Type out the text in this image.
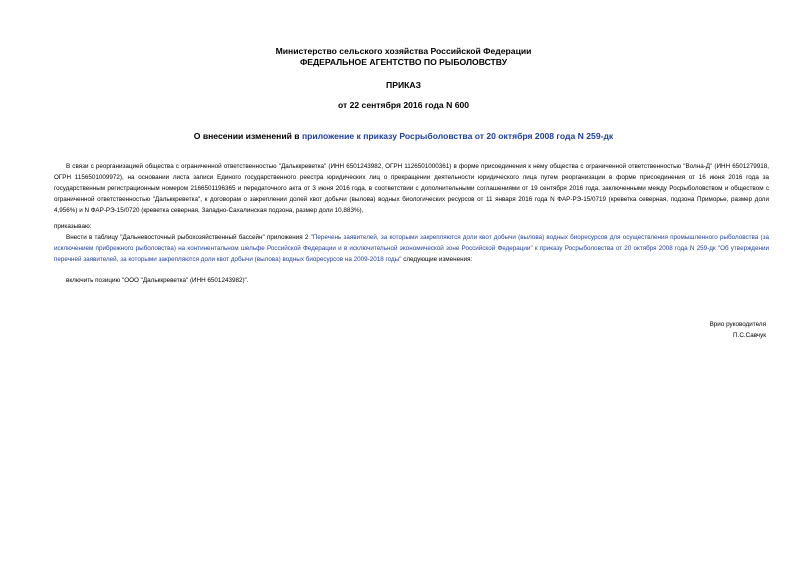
Министерство сельского хозяйства Российской Федерации
ФЕДЕРАЛЬНОЕ АГЕНТСТВО ПО РЫБОЛОВСТВУ
ПРИКАЗ
от 22 сентября 2016 года N 600
О внесении изменений в приложение к приказу Росрыболовства от 20 октября 2008 года N 259-дк
В связи с реорганизацией общества с ограниченной ответственностью "Дальккреветка" (ИНН 6501243982, ОГРН 1126501000361) в форме присоединения к нему общества с ограниченной ответственностью "Волна-Д" (ИНН 6501279918, ОГРН 1156501009972), на основании листа записи Единого государственного реестра юридических лиц о прекращении деятельности юридического лица путем реорганизации в форме присоединения от 16 июня 2016 года за государственным регистрационным номером 2166501196365 и передаточного акта от 3 июня 2016 года, в соответствии с дополнительными соглашениями от 19 сентября 2016 года, заключенными между Росрыболовством и обществом с ограниченной ответственностью "Дальккреветка", к договорам о закреплении долей квот добычи (вылова) водных биологических ресурсов от 11 января 2016 года N ФАР-РЭ-15/0719 (креветка северная, подзона Приморье, размер доли 4,956%) и N ФАР-РЭ-15/0720 (креветка северная, Западно-Сахалинская подзона, размер доли 10,883%),
приказываю:
Внести в таблицу "Дальневосточный рыбохозяйственный бассейн" приложения 2 "Перечень заявителей, за которыми закрепляются доли квот добычи (вылова) водных биоресурсов для осуществления промышленного рыболовства (за исключением прибрежного рыболовства) на континентальном шельфе Российской Федерации и в исключительной экономической зоне Российской Федерации" к приказу Росрыболовства от 20 октября 2008 года N 259-дк "Об утверждении перечней заявителей, за которыми закрепляются доли квот добычи (вылова) водных биоресурсов на 2009-2018 годы" следующие изменения:
включить позицию "ООО "Дальккреветка" (ИНН 6501243982)".
Врио руководителя
П.С.Савчук
